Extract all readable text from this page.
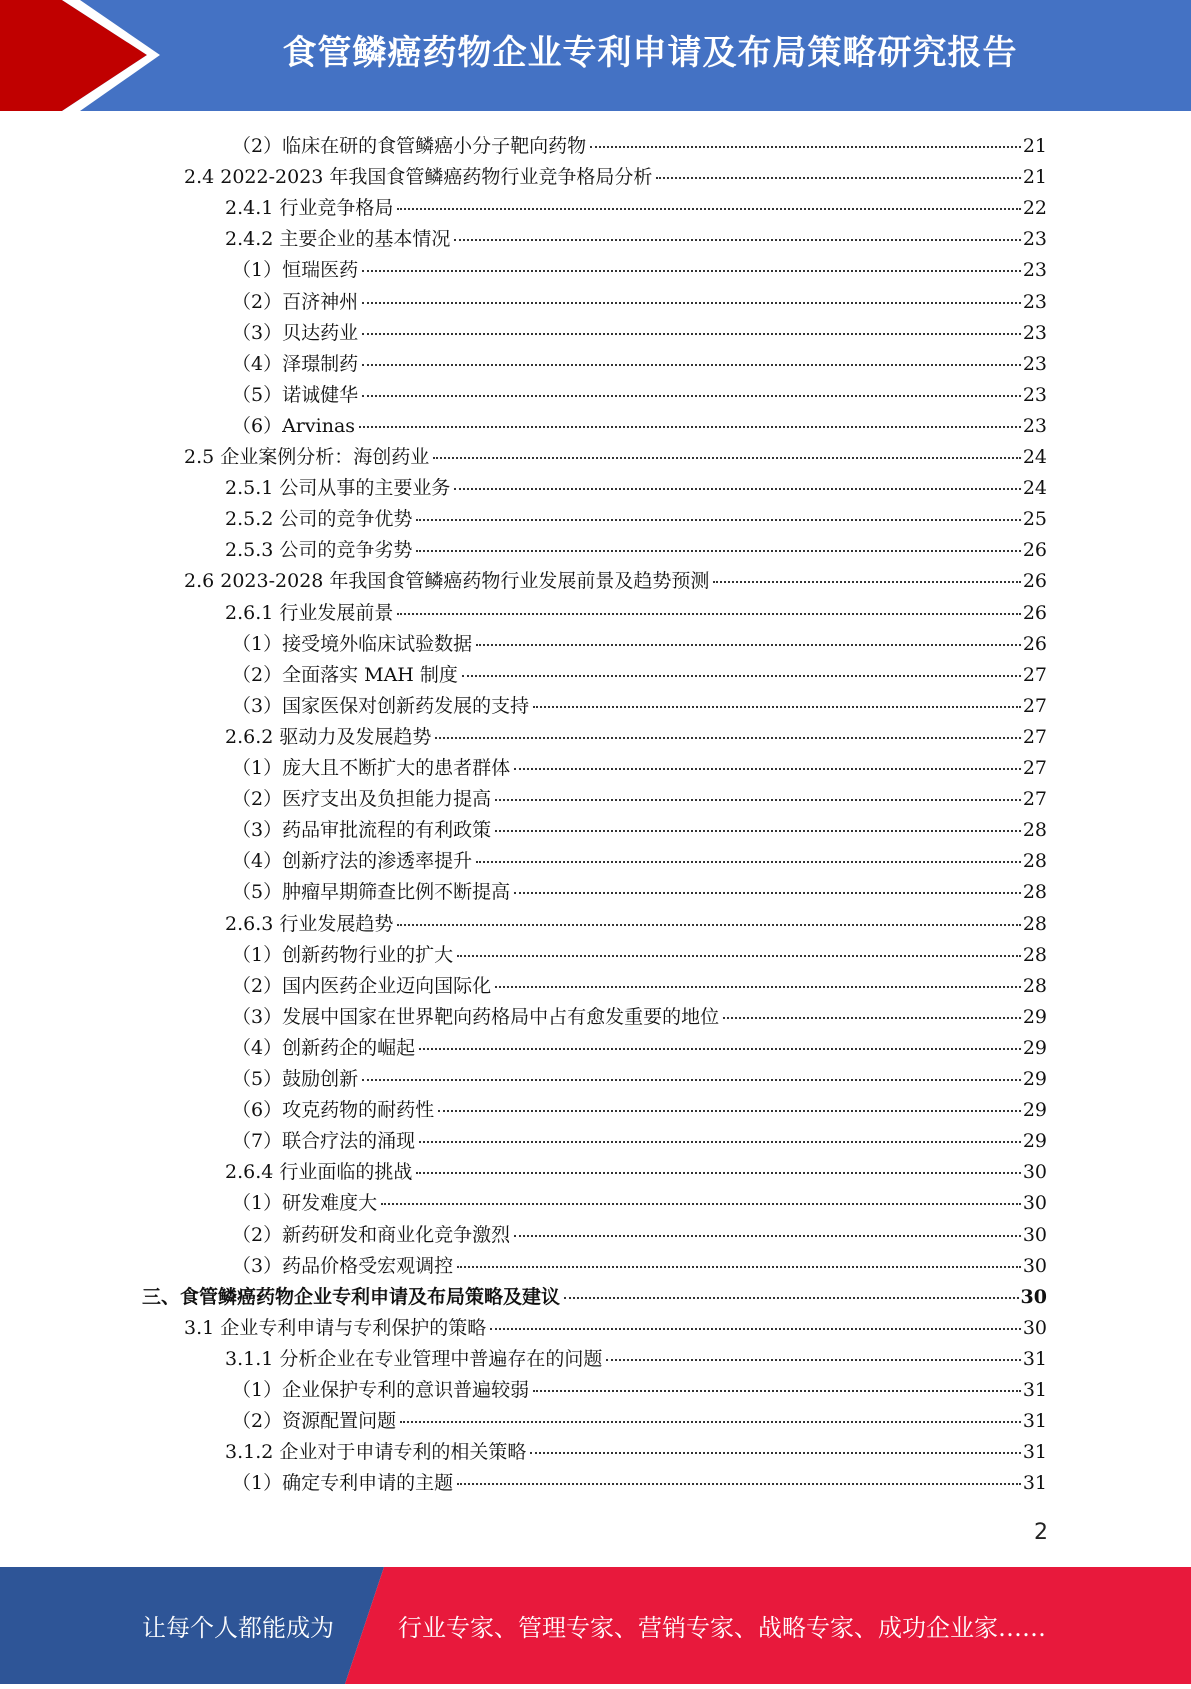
食管鳞癌药物企业专利申请及布局策略研究报告
（2）临床在研的食管鳞癌小分子靶向药物	21
2.4 2022-2023 年我国食管鳞癌药物行业竞争格局分析	21
2.4.1 行业竞争格局	22
2.4.2 主要企业的基本情况	23
（1）恒瑞医药	23
（2）百济神州	23
（3）贝达药业	23
（4）泽璟制药	23
（5）诺诚健华	23
（6）Arvinas	23
2.5 企业案例分析：海创药业	24
2.5.1 公司从事的主要业务	24
2.5.2 公司的竞争优势	25
2.5.3 公司的竞争劣势	26
2.6 2023-2028 年我国食管鳞癌药物行业发展前景及趋势预测	26
2.6.1 行业发展前景	26
（1）接受境外临床试验数据	26
（2）全面落实 MAH 制度	27
（3）国家医保对创新药发展的支持	27
2.6.2 驱动力及发展趋势	27
（1）庞大且不断扩大的患者群体	27
（2）医疗支出及负担能力提高	27
（3）药品审批流程的有利政策	28
（4）创新疗法的渗透率提升	28
（5）肿瘤早期筛查比例不断提高	28
2.6.3 行业发展趋势	28
（1）创新药物行业的扩大	28
（2）国内医药企业迈向国际化	28
（3）发展中国家在世界靶向药格局中占有愈发重要的地位	29
（4）创新药企的崛起	29
（5）鼓励创新	29
（6）攻克药物的耐药性	29
（7）联合疗法的涌现	29
2.6.4 行业面临的挑战	30
（1）研发难度大	30
（2）新药研发和商业化竞争激烈	30
（3）药品价格受宏观调控	30
三、食管鳞癌药物企业专利申请及布局策略及建议	30
3.1 企业专利申请与专利保护的策略	30
3.1.1 分析企业在专业管理中普遍存在的问题	31
（1）企业保护专利的意识普遍较弱	31
（2）资源配置问题	31
3.1.2 企业对于申请专利的相关策略	31
（1）确定专利申请的主题	31
2
让每个人都能成为	行业专家、管理专家、营销专家、战略专家、成功企业家……
